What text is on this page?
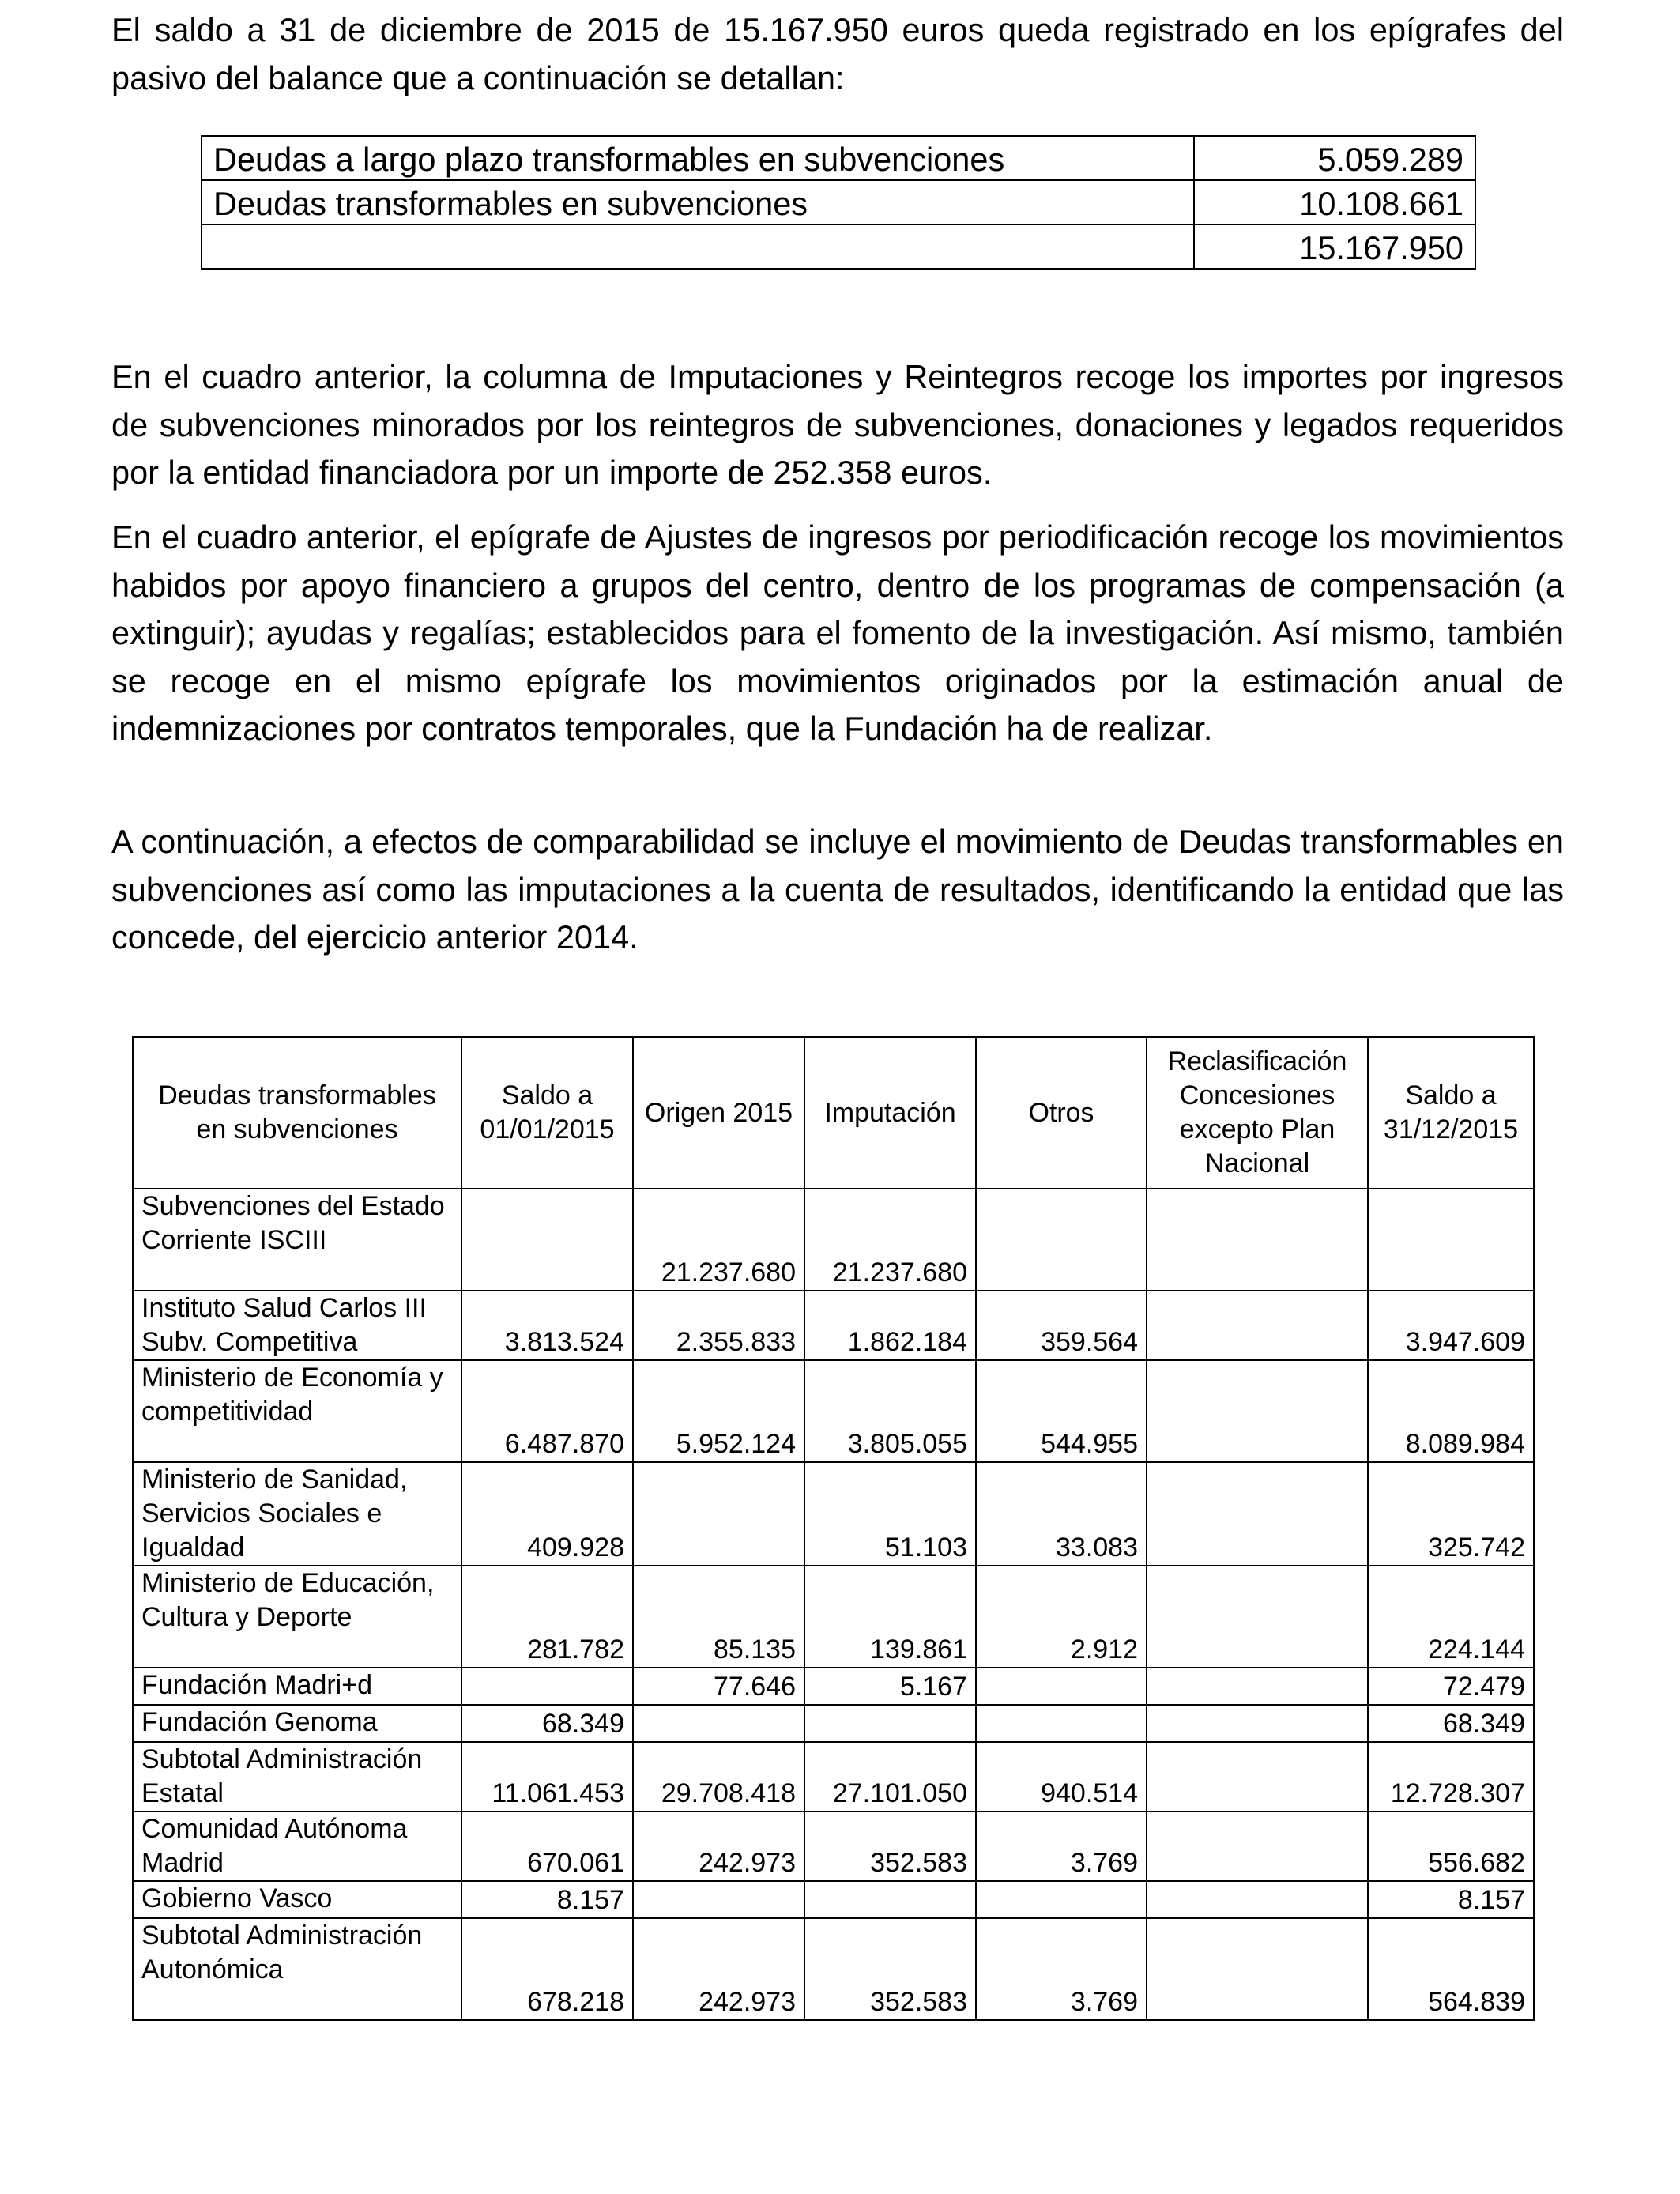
El saldo a 31 de diciembre de 2015 de 15.167.950 euros queda registrado en los epígrafes del pasivo del balance que a continuación se detallan:

Deudas a largo plazo transformables en subvenciones	5.059.289
Deudas transformables en subvenciones	10.108.661
	15.167.950

En el cuadro anterior, la columna de Imputaciones y Reintegros recoge los importes por ingresos de subvenciones minorados por los reintegros de subvenciones, donaciones y legados requeridos por la entidad financiadora por un importe de 252.358 euros.

En el cuadro anterior, el epígrafe de Ajustes de ingresos por periodificación recoge los movimientos habidos por apoyo financiero a grupos del centro, dentro de los programas de compensación (a extinguir); ayudas y regalías; establecidos para el fomento de la investigación. Así mismo, también se recoge en el mismo epígrafe los movimientos originados por la estimación anual de indemnizaciones por contratos temporales, que la Fundación ha de realizar.

A continuación, a efectos de comparabilidad se incluye el movimiento de Deudas transformables en subvenciones así como las imputaciones a la cuenta de resultados, identificando la entidad que las concede, del ejercicio anterior 2014.

Deudas transformables en subvenciones	Saldo a 01/01/2015	Origen 2015	Imputación	Otros	Reclasificación Concesiones excepto Plan Nacional	Saldo a 31/12/2015
Subvenciones del Estado Corriente ISCIII		21.237.680	21.237.680			
Instituto Salud Carlos III Subv. Competitiva	3.813.524	2.355.833	1.862.184	359.564		3.947.609
Ministerio de Economía y competitividad	6.487.870	5.952.124	3.805.055	544.955		8.089.984
Ministerio de Sanidad, Servicios Sociales e Igualdad	409.928		51.103	33.083		325.742
Ministerio de Educación, Cultura y Deporte	281.782	85.135	139.861	2.912		224.144
Fundación Madri+d		77.646	5.167			72.479
Fundación Genoma	68.349					68.349
Subtotal Administración Estatal	11.061.453	29.708.418	27.101.050	940.514		12.728.307
Comunidad Autónoma Madrid	670.061	242.973	352.583	3.769		556.682
Gobierno Vasco	8.157					8.157
Subtotal Administración Autonómica	678.218	242.973	352.583	3.769		564.839
